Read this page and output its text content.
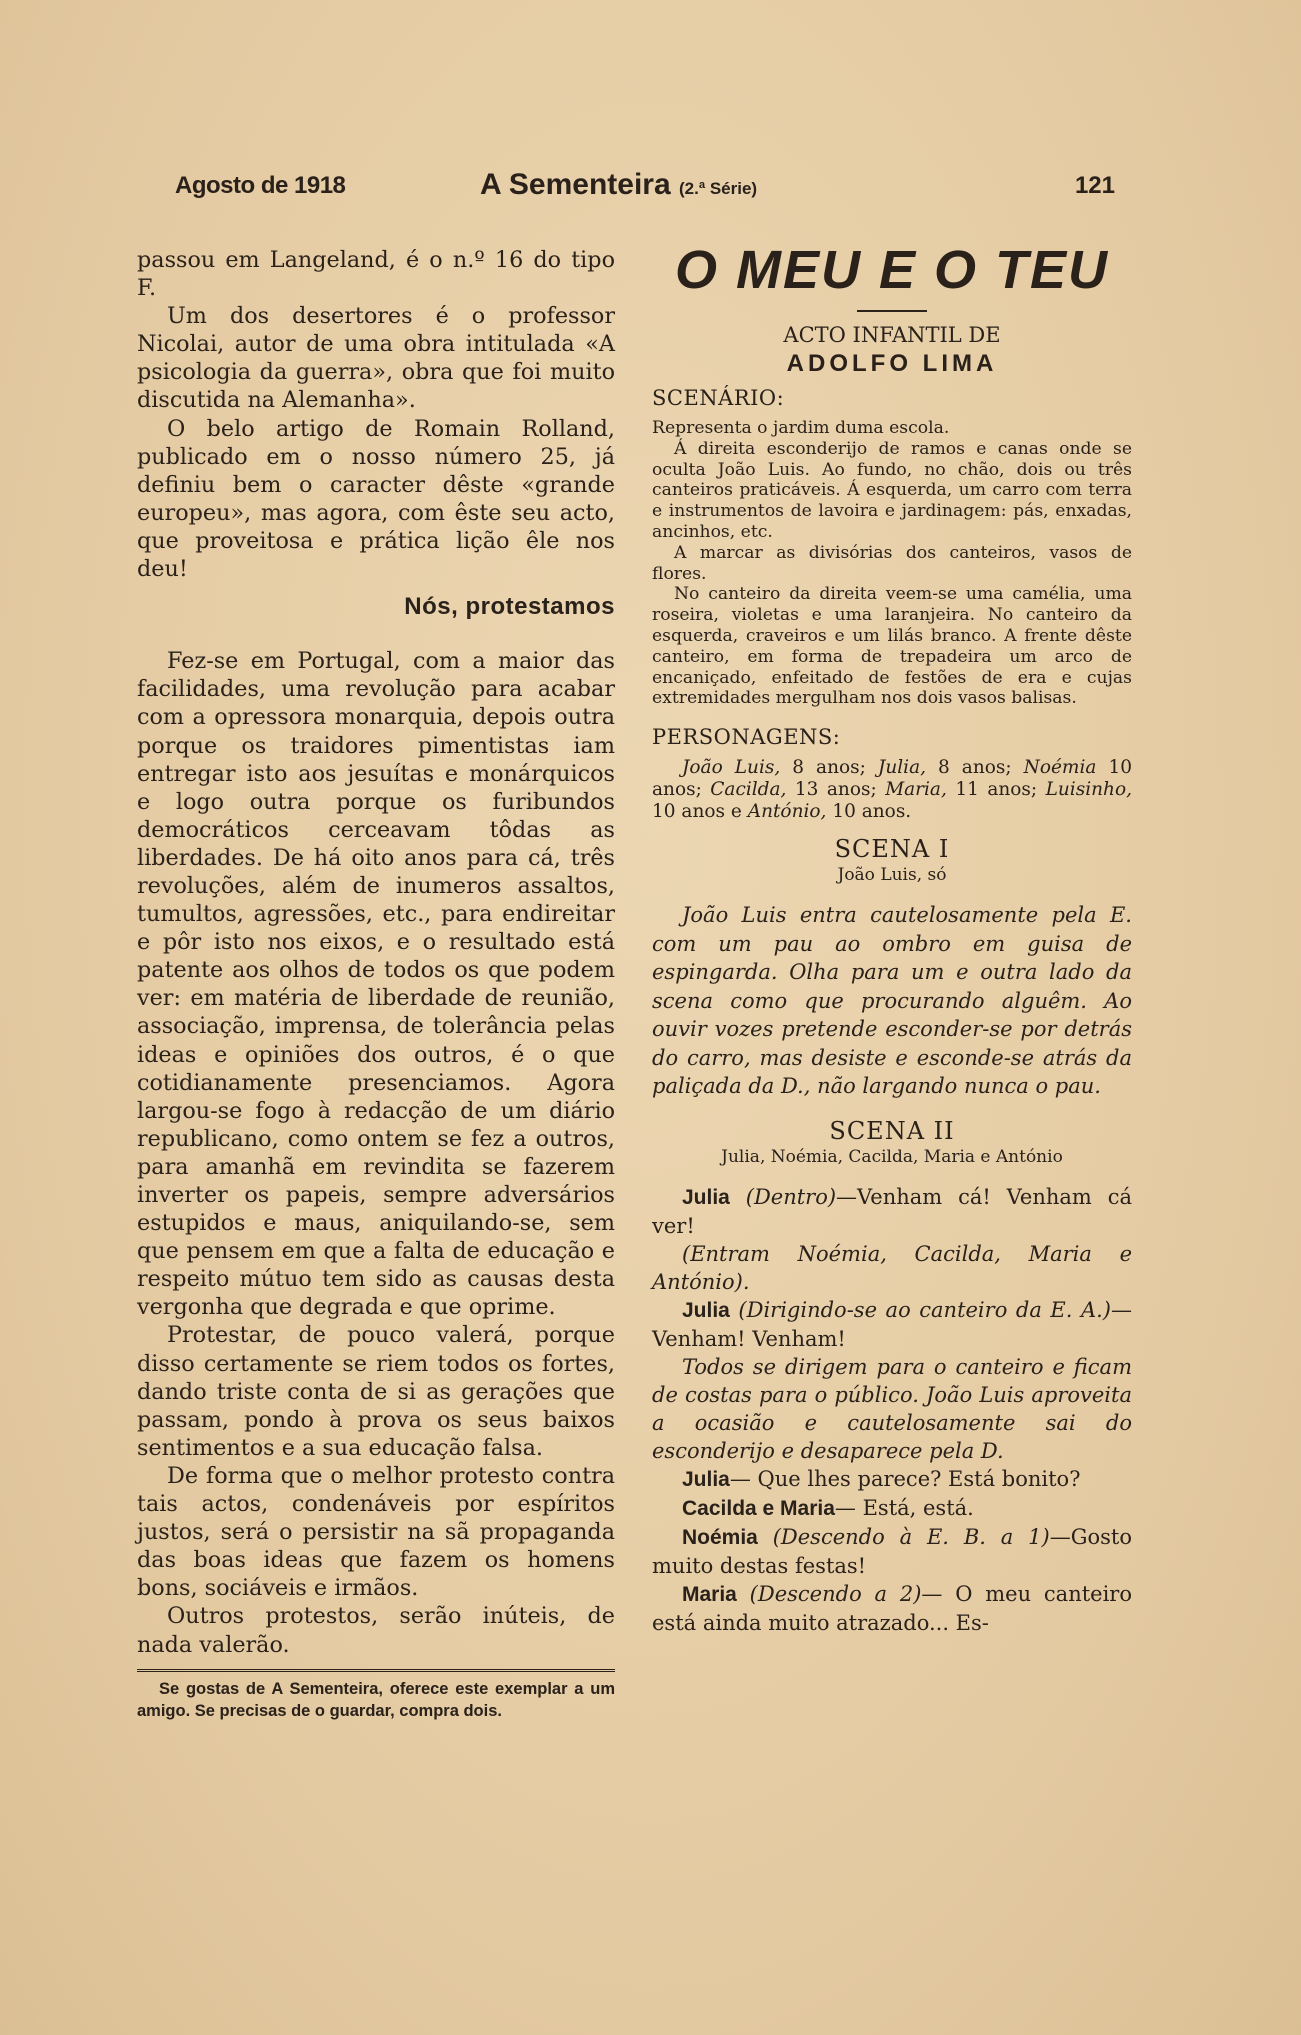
Agosto de 1918	A Sementeira (2.ª Série)	121

passou em Langeland, é o n.º 16 do tipo F.

Um dos desertores é o professor Nicolai, autor de uma obra intitulada «A psicologia da guerra», obra que foi muito discutida na Alemanha».

O belo artigo de Romain Rolland, publicado em o nosso número 25, já definiu bem o caracter dêste «grande europeu», mas agora, com êste seu acto, que proveitosa e prática lição êle nos deu!

Nós, protestamos

Fez-se em Portugal, com a maior das facilidades, uma revolução para acabar com a opressora monarquia, depois outra porque os traidores pimentistas iam entregar isto aos jesuítas e monárquicos e logo outra porque os furibundos democráticos cerceavam tôdas as liberdades. De há oito anos para cá, três revoluções, além de inumeros assaltos, tumultos, agressões, etc., para endireitar e pôr isto nos eixos, e o resultado está patente aos olhos de todos os que podem ver: em matéria de liberdade de reunião, associação, imprensa, de tolerância pelas ideas e opiniões dos outros, é o que cotidianamente presenciamos. Agora largou-se fogo à redacção de um diário republicano, como ontem se fez a outros, para amanhã em revindita se fazerem inverter os papeis, sempre adversários estupidos e maus, aniquilando-se, sem que pensem em que a falta de educação e respeito mútuo tem sido as causas desta vergonha que degrada e que oprime.

Protestar, de pouco valerá, porque disso certamente se riem todos os fortes, dando triste conta de si as gerações que passam, pondo à prova os seus baixos sentimentos e a sua educação falsa.

De forma que o melhor protesto contra tais actos, condenáveis por espíritos justos, será o persistir na sã propaganda das boas ideas que fazem os homens bons, sociáveis e irmãos.

Outros protestos, serão inúteis, de nada valerão.

Se gostas de A Sementeira, oferece este exemplar a um amigo. Se precisas de o guardar, compra dois.

O MEU E O TEU

ACTO INFANTIL DE

ADOLFO LIMA

SCENÁRIO:

Representa o jardim duma escola.

Á direita esconderijo de ramos e canas onde se oculta João Luis. Ao fundo, no chão, dois ou três canteiros praticáveis. Á esquerda, um carro com terra e instrumentos de lavoira e jardinagem: pás, enxadas, ancinhos, etc.

A marcar as divisórias dos canteiros, vasos de flores.

No canteiro da direita veem-se uma camélia, uma roseira, violetas e uma laranjeira. No canteiro da esquerda, craveiros e um lilás branco. A frente dêste canteiro, em forma de trepadeira um arco de encaniçado, enfeitado de festões de era e cujas extremidades mergulham nos dois vasos balisas.

PERSONAGENS:

João Luis, 8 anos; Julia, 8 anos; Noémia 10 anos; Cacilda, 13 anos; Maria, 11 anos; Luisinho, 10 anos e António, 10 anos.

SCENA I

João Luis, só

João Luis entra cautelosamente pela E. com um pau ao ombro em guisa de espingarda. Olha para um e outra lado da scena como que procurando alguêm. Ao ouvir vozes pretende esconder-se por detrás do carro, mas desiste e esconde-se atrás da paliçada da D., não largando nunca o pau.

SCENA II

Julia, Noémia, Cacilda, Maria e António

Julia (Dentro)—Venham cá! Venham cá ver!

(Entram Noémia, Cacilda, Maria e António).

Julia (Dirigindo-se ao canteiro da E. A.)— Venham! Venham!

Todos se dirigem para o canteiro e ficam de costas para o público. João Luis aproveita a ocasião e cautelosamente sai do esconderijo e desaparece pela D.

Julia— Que lhes parece? Está bonito?

Cacilda e Maria— Está, está.

Noémia (Descendo à E. B. a 1)—Gosto muito destas festas!

Maria (Descendo a 2)— O meu canteiro está ainda muito atrazado... Es-
